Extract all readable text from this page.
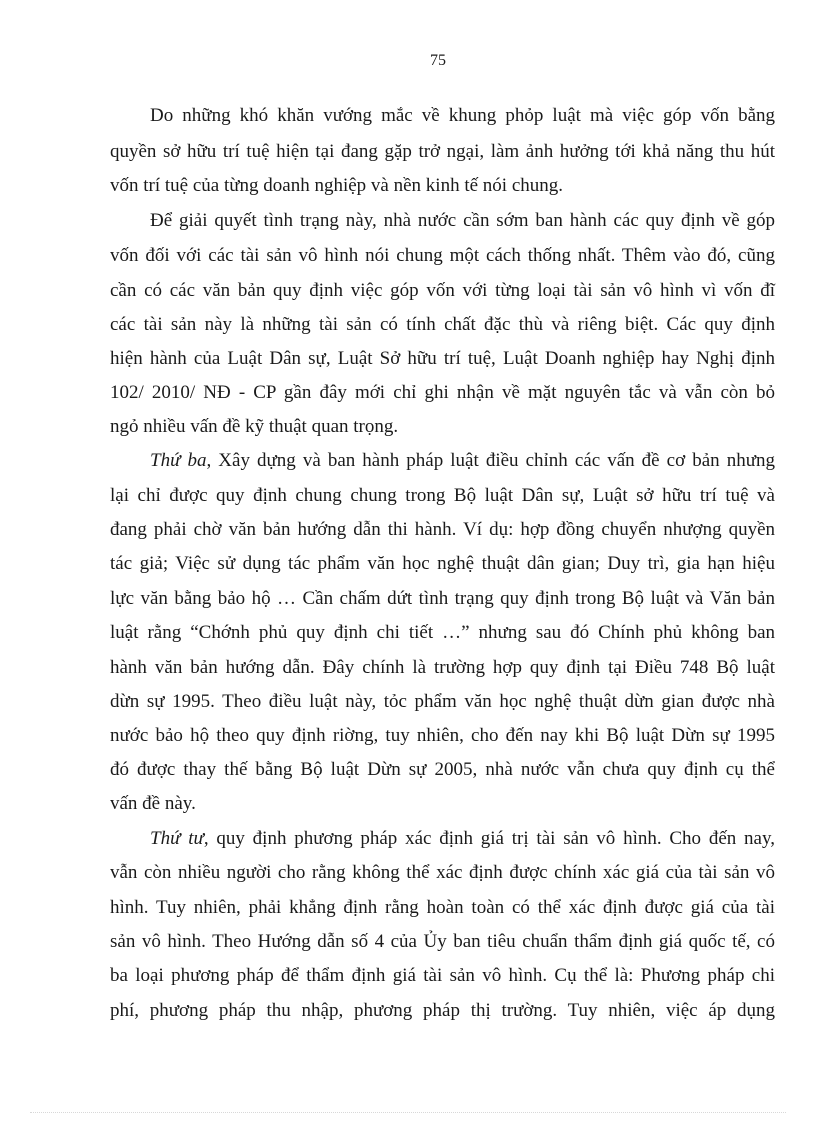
75
Do những khó khăn vướng mắc về khung phỏp luật mà việc góp vốn bằng
quyền sở hữu trí tuệ hiện tại đang gặp trở ngại, làm ảnh hưởng tới khả năng thu hút
vốn trí tuệ của từng doanh nghiệp và nền kinh tế nói chung.
Để giải quyết tình trạng này, nhà nước cần sớm ban hành các quy định về góp
vốn đối với các tài sản vô hình nói chung một cách thống nhất. Thêm vào đó, cũng
cần có các văn bản quy định việc góp vốn với từng loại tài sản vô hình vì vốn đĩ
các tài sản này là những tài sản có tính chất đặc thù và riêng biệt. Các quy định
hiện hành của Luật Dân sự, Luật Sở hữu trí tuệ, Luật Doanh nghiệp hay Nghị định
102/ 2010/ NĐ - CP gần đây mới chỉ ghi nhận về mặt nguyên tắc và vẫn còn bỏ
ngỏ nhiều vấn đề kỹ thuật quan trọng.
Thứ ba, Xây dựng và ban hành pháp luật điều chỉnh các vấn đề cơ bản nhưng
lại chỉ được quy định chung chung trong Bộ luật Dân sự, Luật sở hữu trí tuệ và
đang phải chờ văn bản hướng dẫn thi hành. Ví dụ: hợp đồng chuyển nhượng quyền
tác giả; Việc sử dụng tác phẩm văn học nghệ thuật dân gian; Duy trì, gia hạn hiệu
lực văn bằng bảo hộ … Cần chấm dứt tình trạng quy định trong Bộ luật và Văn bản
luật rằng “Chớnh phủ quy định chi tiết …” nhưng sau đó Chính phủ không ban
hành văn bản hướng dẫn. Đây chính là trường hợp quy định tại Điều 748 Bộ luật
dừn sự 1995. Theo điều luật này, tỏc phẩm văn học nghệ thuật dừn gian được nhà
nước bảo hộ theo quy định riờng, tuy nhiên, cho đến nay khi Bộ luật Dừn sự 1995
đó được thay thế bằng Bộ luật Dừn sự 2005, nhà nước vẫn chưa quy định cụ thể
vấn đề này.
Thứ tư, quy định phương pháp xác định giá trị tài sản vô hình. Cho đến nay,
vẫn còn nhiều người cho rằng không thể xác định được chính xác giá của tài sản vô
hình. Tuy nhiên, phải khẳng định rằng hoàn toàn có thể xác định được giá của tài
sản vô hình. Theo Hướng dẫn số 4 của Ủy ban tiêu chuẩn thẩm định giá quốc tế, có
ba loại phương pháp để thẩm định giá tài sản vô hình. Cụ thể là: Phương pháp chi
phí, phương pháp thu nhập, phương pháp thị trường. Tuy nhiên, việc áp dụng
